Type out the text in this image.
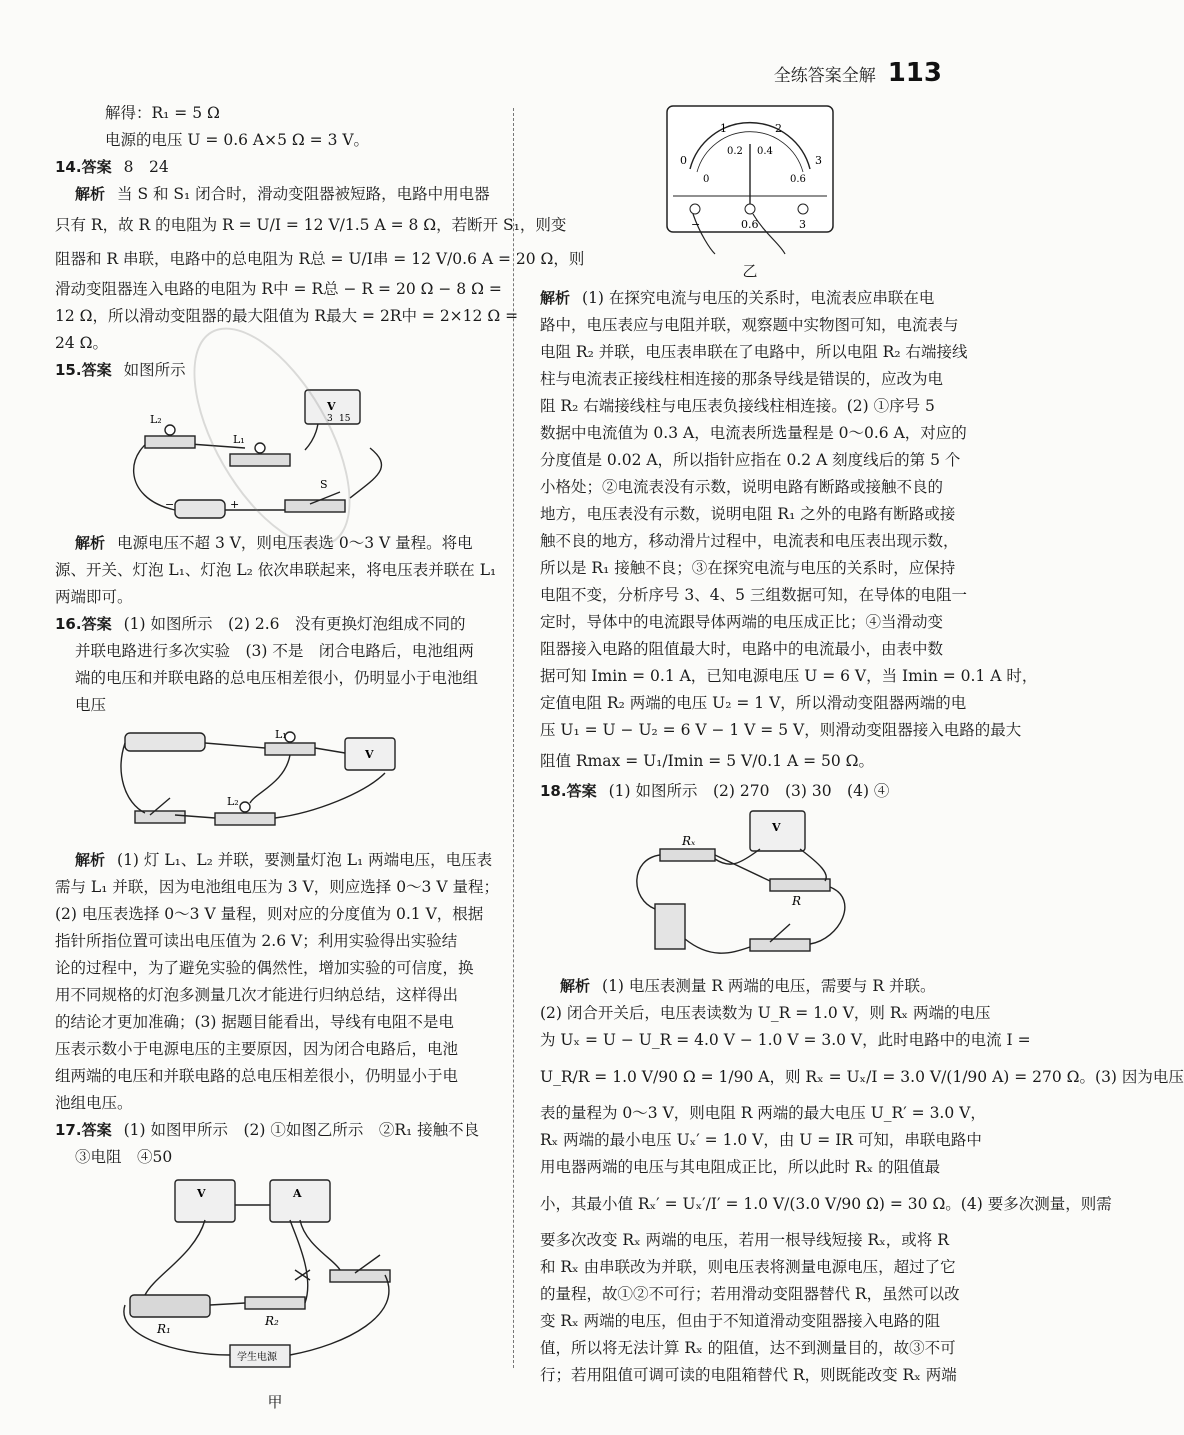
全练答案全解 113
解得：R₁ = 5 Ω
电源的电压 U = 0.6 A×5 Ω = 3 V。
14.答案 8　24
解析 当 S 和 S₁ 闭合时，滑动变阻器被短路，电路中用电器
只有 R，故 R 的电阻为 R = U/I = 12 V/1.5 A = 8 Ω，若断开 S₁，则变
阻器和 R 串联，电路中的总电阻为 R总 = U/I串 = 12 V/0.6 A = 20 Ω，则
滑动变阻器连入电路的电阻为 R中 = R总 − R = 20 Ω − 8 Ω =
12 Ω，所以滑动变阻器的最大阻值为 R最大 = 2R中 = 2×12 Ω =
24 Ω。
15.答案 如图所示
L₂
L₁
S
V
+
−
3 15
解析 电源电压不超 3 V，则电压表选 0～3 V 量程。将电
源、开关、灯泡 L₁、灯泡 L₂ 依次串联起来，将电压表并联在 L₁
两端即可。
16.答案 (1) 如图所示　(2) 2.6　没有更换灯泡组成不同的
并联电路进行多次实验　(3) 不是　闭合电路后，电池组两
端的电压和并联电路的总电压相差很小，仍明显小于电池组
电压
L₁
L₂
V
解析 (1) 灯 L₁、L₂ 并联，要测量灯泡 L₁ 两端电压，电压表
需与 L₁ 并联，因为电池组电压为 3 V，则应选择 0～3 V 量程；
(2) 电压表选择 0～3 V 量程，则对应的分度值为 0.1 V，根据
指针所指位置可读出电压值为 2.6 V；利用实验得出实验结
论的过程中，为了避免实验的偶然性，增加实验的可信度，换
用不同规格的灯泡多测量几次才能进行归纳总结，这样得出
的结论才更加准确；(3) 据题目能看出，导线有电阻不是电
压表示数小于电源电压的主要原因，因为闭合电路后，电池
组两端的电压和并联电路的总电压相差很小，仍明显小于电
池组电压。
17.答案 (1) 如图甲所示　(2) ①如图乙所示　②R₁ 接触不良
③电阻　④50
V	A
R₁
R₂
学生电源
甲
0
1	2
3
0
0.2 0.4
0.6
−	0.6	3
乙
解析 (1) 在探究电流与电压的关系时，电流表应串联在电
路中，电压表应与电阻并联，观察题中实物图可知，电流表与
电阻 R₂ 并联，电压表串联在了电路中，所以电阻 R₂ 右端接线
柱与电流表正接线柱相连接的那条导线是错误的，应改为电
阻 R₂ 右端接线柱与电压表负接线柱相连接。(2) ①序号 5
数据中电流值为 0.3 A，电流表所选量程是 0～0.6 A，对应的
分度值是 0.02 A，所以指针应指在 0.2 A 刻度线后的第 5 个
小格处；②电流表没有示数，说明电路有断路或接触不良的
地方，电压表没有示数，说明电阻 R₁ 之外的电路有断路或接
触不良的地方，移动滑片过程中，电流表和电压表出现示数，
所以是 R₁ 接触不良；③在探究电流与电压的关系时，应保持
电阻不变，分析序号 3、4、5 三组数据可知，在导体的电阻一
定时，导体中的电流跟导体两端的电压成正比；④当滑动变
阻器接入电路的阻值最大时，电路中的电流最小，由表中数
据可知 Imin = 0.1 A，已知电源电压 U = 6 V，当 Imin = 0.1 A 时，
定值电阻 R₂ 两端的电压 U₂ = 1 V，所以滑动变阻器两端的电
压 U₁ = U − U₂ = 6 V − 1 V = 5 V，则滑动变阻器接入电路的最大
阻值 Rmax = U₁/Imin = 5 V/0.1 A = 50 Ω。
18.答案 (1) 如图所示　(2) 270　(3) 30　(4) ④
Rₓ
R
V
解析 (1) 电压表测量 R 两端的电压，需要与 R 并联。
(2) 闭合开关后，电压表读数为 U_R = 1.0 V，则 Rₓ 两端的电压
为 Uₓ = U − U_R = 4.0 V − 1.0 V = 3.0 V，此时电路中的电流 I =
U_R/R = 1.0 V/90 Ω = 1/90 A，则 Rₓ = Uₓ/I = 3.0 V/(1/90 A) = 270 Ω。(3) 因为电压
表的量程为 0～3 V，则电阻 R 两端的最大电压 U_R′ = 3.0 V，
Rₓ 两端的最小电压 Uₓ′ = 1.0 V，由 U = IR 可知，串联电路中
用电器两端的电压与其电阻成正比，所以此时 Rₓ 的阻值最
小，其最小值 Rₓ′ = Uₓ′/I′ = 1.0 V/(3.0 V/90 Ω) = 30 Ω。(4) 要多次测量，则需
要多次改变 Rₓ 两端的电压，若用一根导线短接 Rₓ，或将 R
和 Rₓ 由串联改为并联，则电压表将测量电源电压，超过了它
的量程，故①②不可行；若用滑动变阻器替代 R，虽然可以改
变 Rₓ 两端的电压，但由于不知道滑动变阻器接入电路的阻
值，所以将无法计算 Rₓ 的阻值，达不到测量目的，故③不可
行；若用阻值可调可读的电阻箱替代 R，则既能改变 Rₓ 两端
